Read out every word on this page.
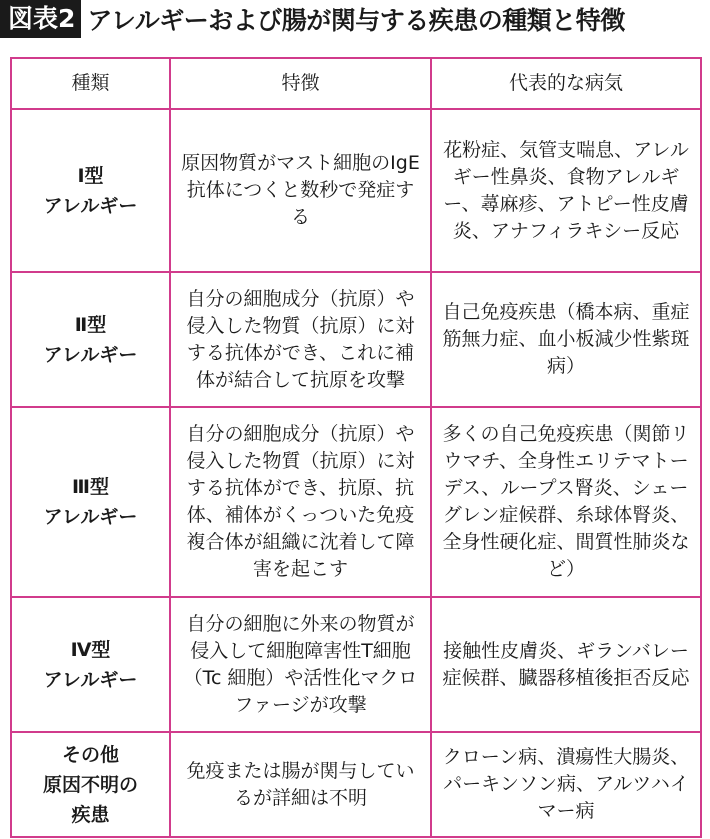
図表2 アレルギーおよび腸が関与する疾患の種類と特徴
種類	特徴	代表的な病気

Ⅰ型
アレルギー	原因物質がマスト細胞のIgE 抗体につくと数秒で発症する	花粉症、気管支喘息、アレルギー性鼻炎、食物アレルギー、蕁麻疹、アトピー性皮膚炎、アナフィラキシー反応

Ⅱ型
アレルギー	自分の細胞成分（抗原）や侵入した物質（抗原）に対する抗体ができ、これに補体が結合して抗原を攻撃	自己免疫疾患（橋本病、重症筋無力症、血小板減少性紫斑病）

Ⅲ型
アレルギー	自分の細胞成分（抗原）や侵入した物質（抗原）に対する抗体ができ、抗原、抗体、補体がくっついた免疫複合体が組織に沈着して障害を起こす	多くの自己免疫疾患（関節リウマチ、全身性エリテマトーデス、ループス腎炎、シェーグレン症候群、糸球体腎炎、全身性硬化症、間質性肺炎など）

Ⅳ型
アレルギー	自分の細胞に外来の物質が侵入して細胞障害性T細胞（Tc 細胞）や活性化マクロファージが攻撃	接触性皮膚炎、ギランバレー症候群、臓器移植後拒否反応

その他
原因不明の
疾患	免疫または腸が関与しているが詳細は不明	クローン病、潰瘍性大腸炎、パーキンソン病、アルツハイマー病
